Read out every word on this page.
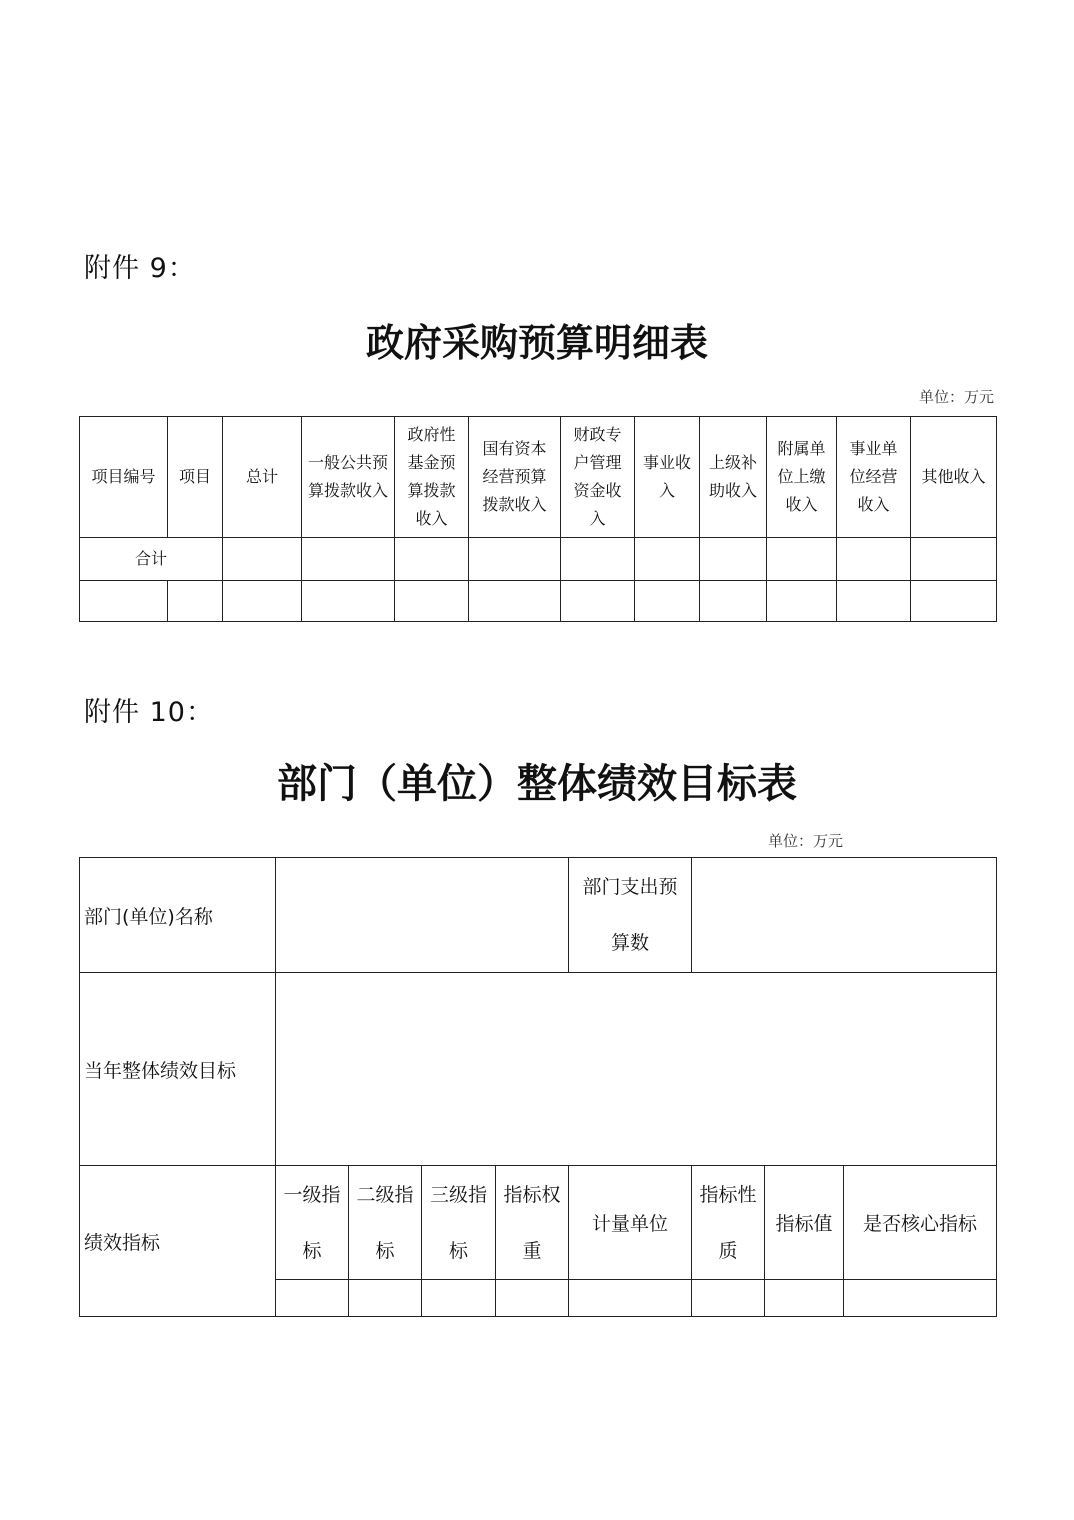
附件 9：
政府采购预算明细表
单位：万元
项目编号	项目	总计	一般公共预
算拨款收入	政府性
基金预
算拨款
收入	国有资本
经营预算
拨款收入	财政专
户管理
资金收
入	事业收
入	上级补
助收入	附属单
位上缴
收入	事业单
位经营
收入	其他收入
合计											

附件 10：
部门（单位）整体绩效目标表
单位：万元
部门(单位)名称					部门支出预
算数			
当年整体绩效目标								
绩效指标	一级指
标	二级指
标	三级指
标	指标权
重	计量单位	指标性
质	指标值	是否核心指标
